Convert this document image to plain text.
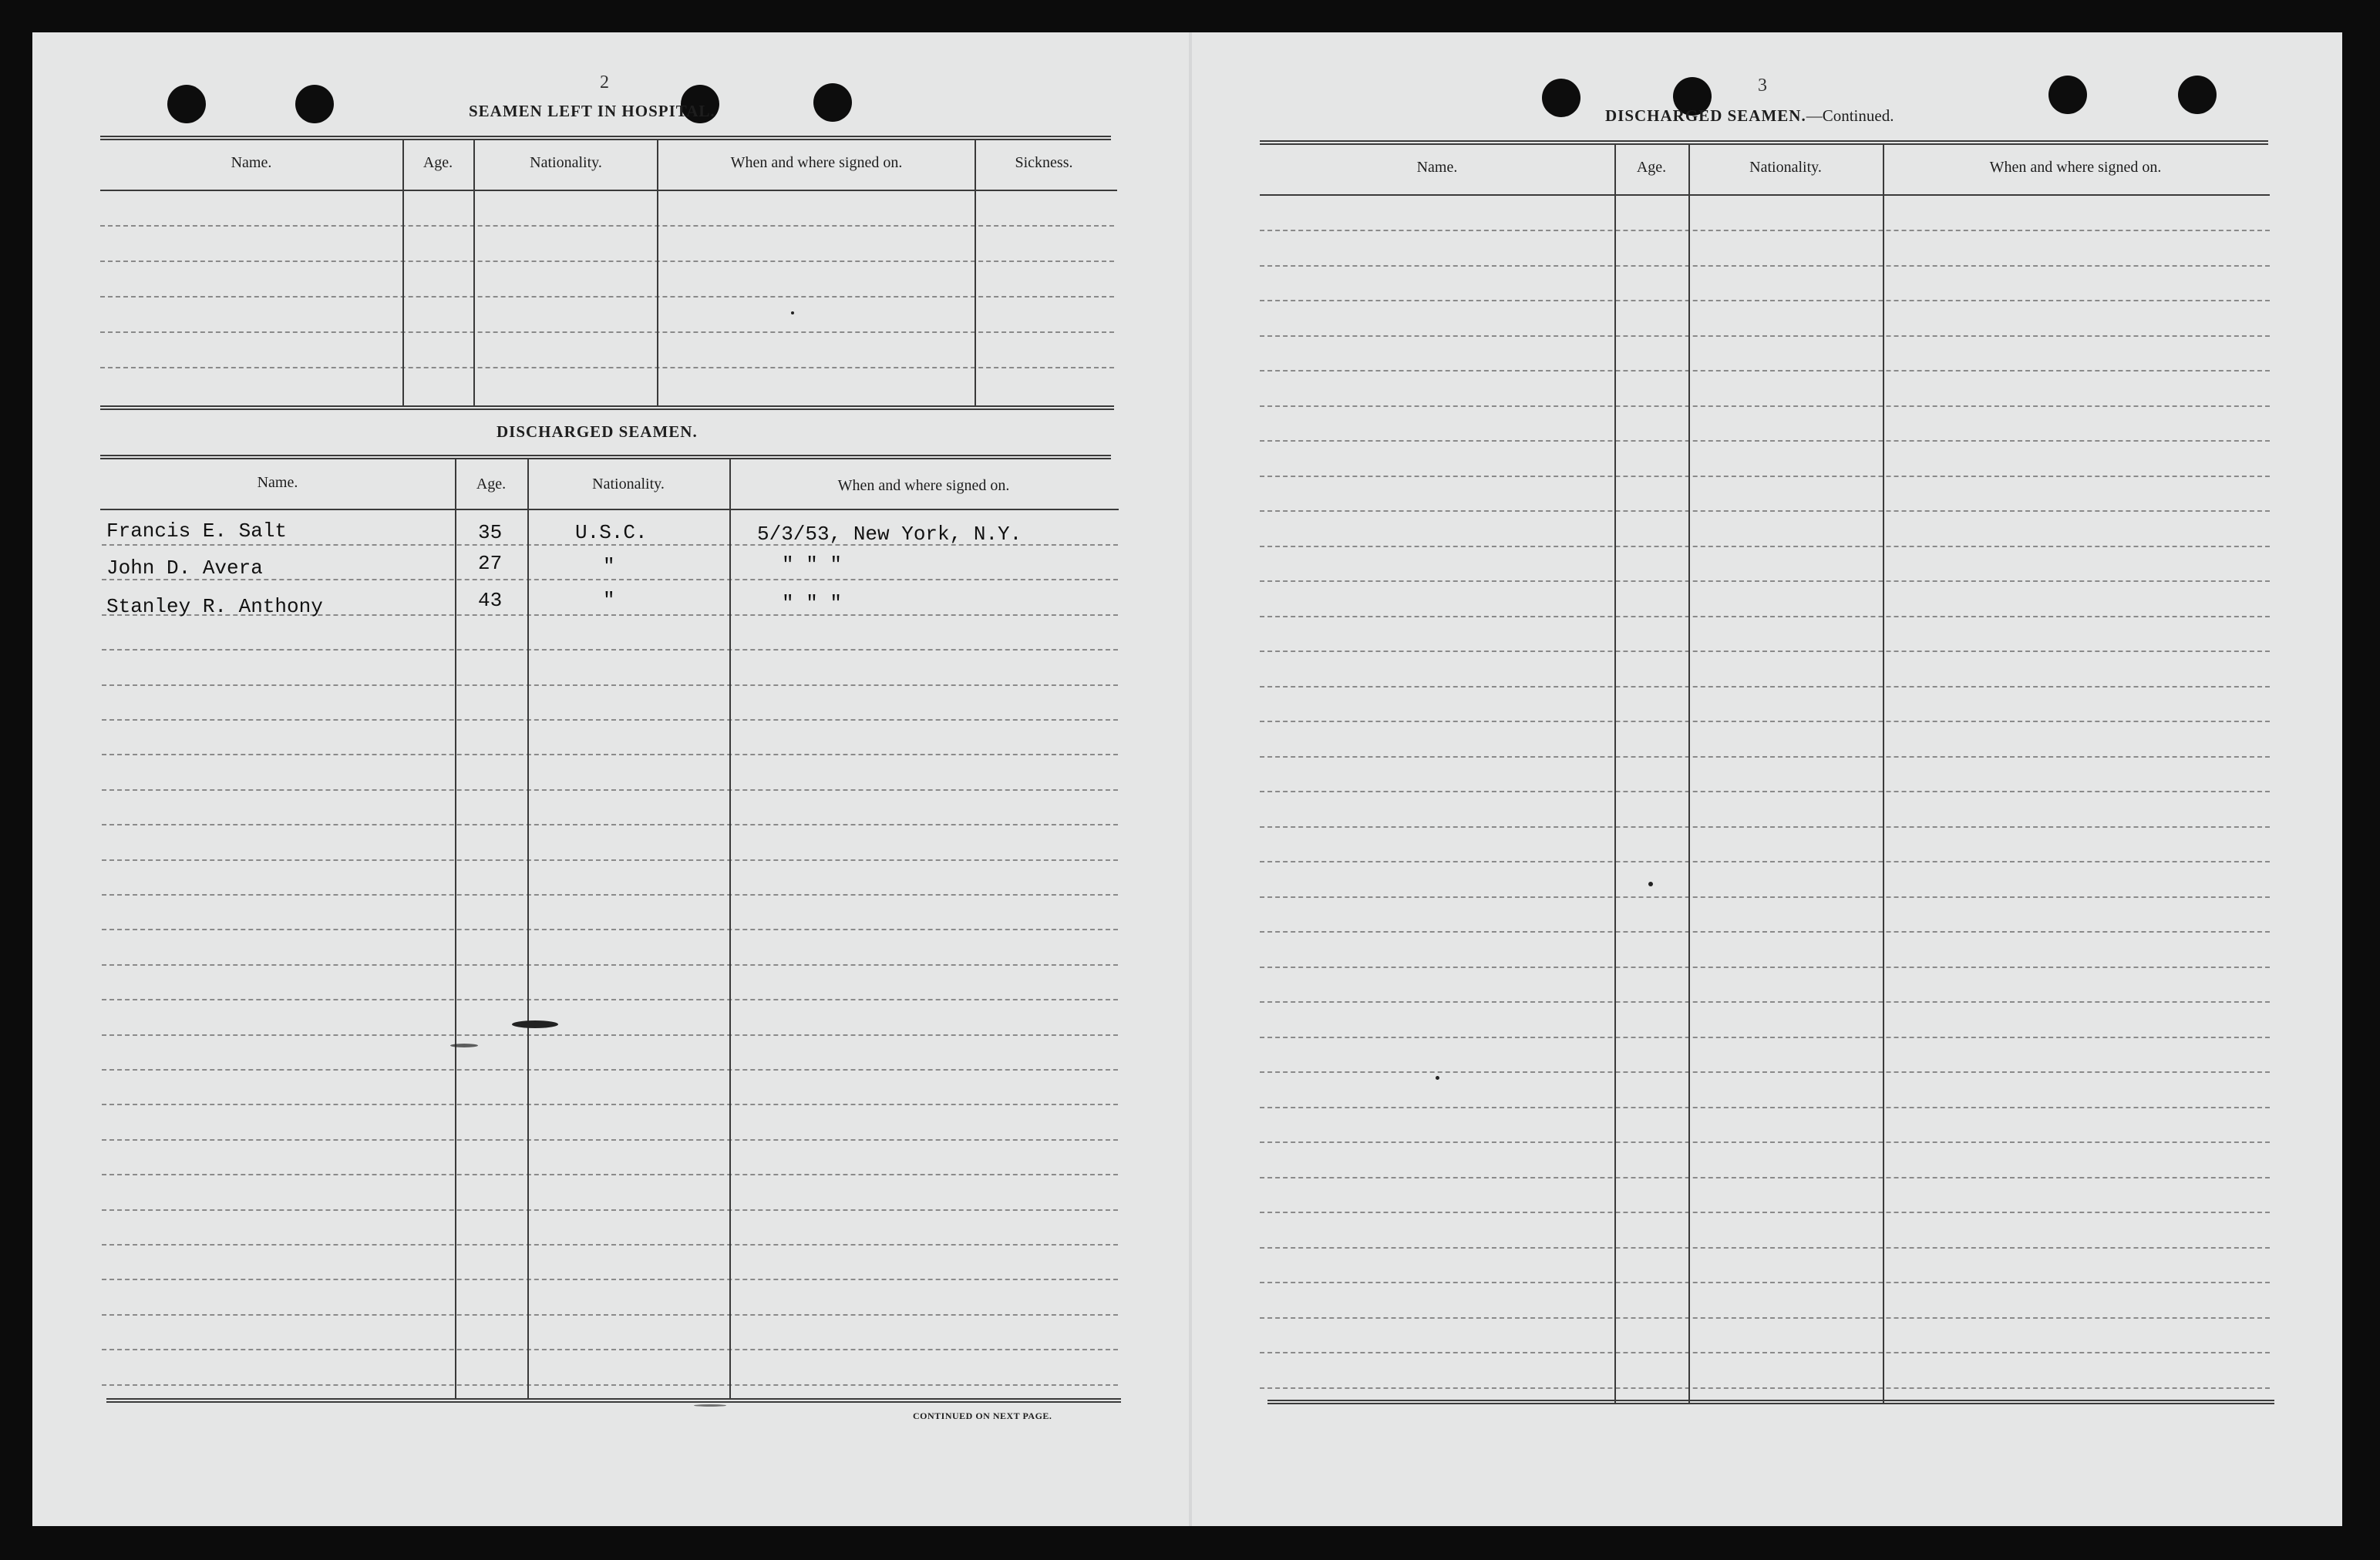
2
SEAMEN LEFT IN HOSPITAL.
Name.	Age.	Nationality.	When and where signed on.	Sickness.
DISCHARGED SEAMEN.
Name.	Age.	Nationality.	When and where signed on.
Francis E. Salt	35	U.S.C.	5/3/53, New York, N.Y.
John D. Avera	27	"	" " "
Stanley R. Anthony	43	"	" " "
CONTINUED ON NEXT PAGE.
3
DISCHARGED SEAMEN.—Continued.
Name.	Age.	Nationality.	When and where signed on.
